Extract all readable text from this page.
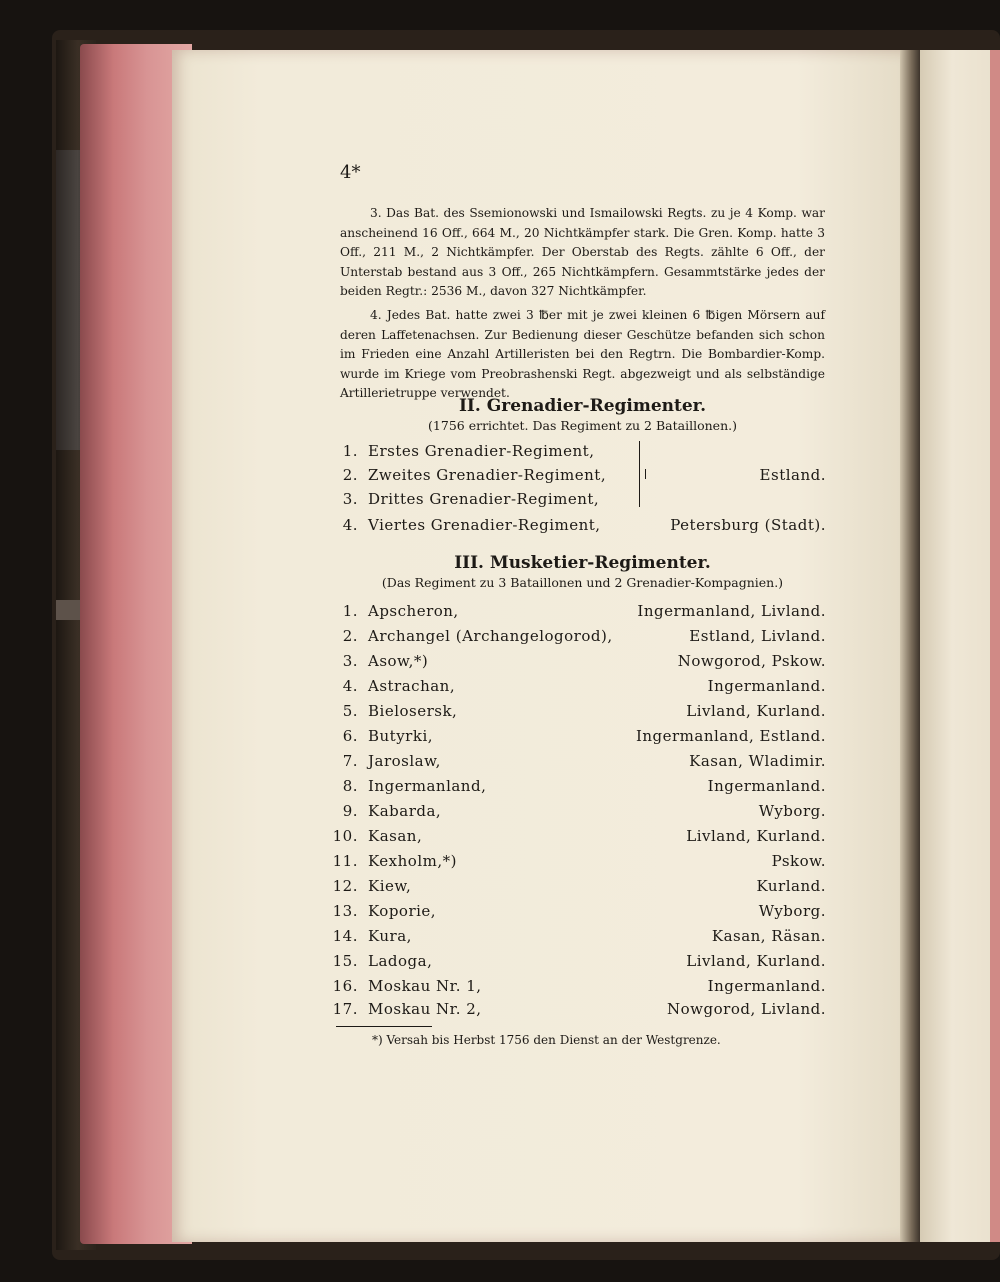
4*

3. Das Bat. des Ssemionowski und Ismailowski Regts. zu je 4 Komp. war anscheinend 16 Off., 664 M., 20 Nichtkämpfer stark. Die Gren. Komp. hatte 3 Off., 211 M., 2 Nichtkämpfer. Der Oberstab des Regts. zählte 6 Off., der Unterstab bestand aus 3 Off., 265 Nichtkämpfern. Gesammtstärke jedes der beiden Regtr.: 2536 M., davon 327 Nichtkämpfer.

4. Jedes Bat. hatte zwei 3 ℔er mit je zwei kleinen 6 ℔igen Mörsern auf deren Laffetenachsen. Zur Bedienung dieser Geschütze befanden sich schon im Frieden eine Anzahl Artilleristen bei den Regtrn. Die Bombardier-Komp. wurde im Kriege vom Preobrashenski Regt. abgezweigt und als selbständige Artillerietruppe verwendet.

II. Grenadier-Regimenter.
(1756 errichtet. Das Regiment zu 2 Bataillonen.)
1. Erstes Grenadier-Regiment,
2. Zweites Grenadier-Regiment,	Estland.
3. Drittes Grenadier-Regiment,
4. Viertes Grenadier-Regiment,	Petersburg (Stadt).
III. Musketier-Regimenter.
(Das Regiment zu 3 Bataillonen und 2 Grenadier-Kompagnien.)
1. Apscheron,	Ingermanland, Livland.
2. Archangel (Archangelogorod),	Estland, Livland.
3. Asow,*)	Nowgorod, Pskow.
4. Astrachan,	Ingermanland.
5. Bielosersk,	Livland, Kurland.
6. Butyrki,	Ingermanland, Estland.
7. Jaroslaw,	Kasan, Wladimir.
8. Ingermanland,	Ingermanland.
9. Kabarda,	Wyborg.
10. Kasan,	Livland, Kurland.
11. Kexholm,*)	Pskow.
12. Kiew,	Kurland.
13. Koporie,	Wyborg.
14. Kura,	Kasan, Räsan.
15. Ladoga,	Livland, Kurland.
16. Moskau Nr. 1,	Ingermanland.
17. Moskau Nr. 2,	Nowgorod, Livland.
*) Versah bis Herbst 1756 den Dienst an der Westgrenze.
